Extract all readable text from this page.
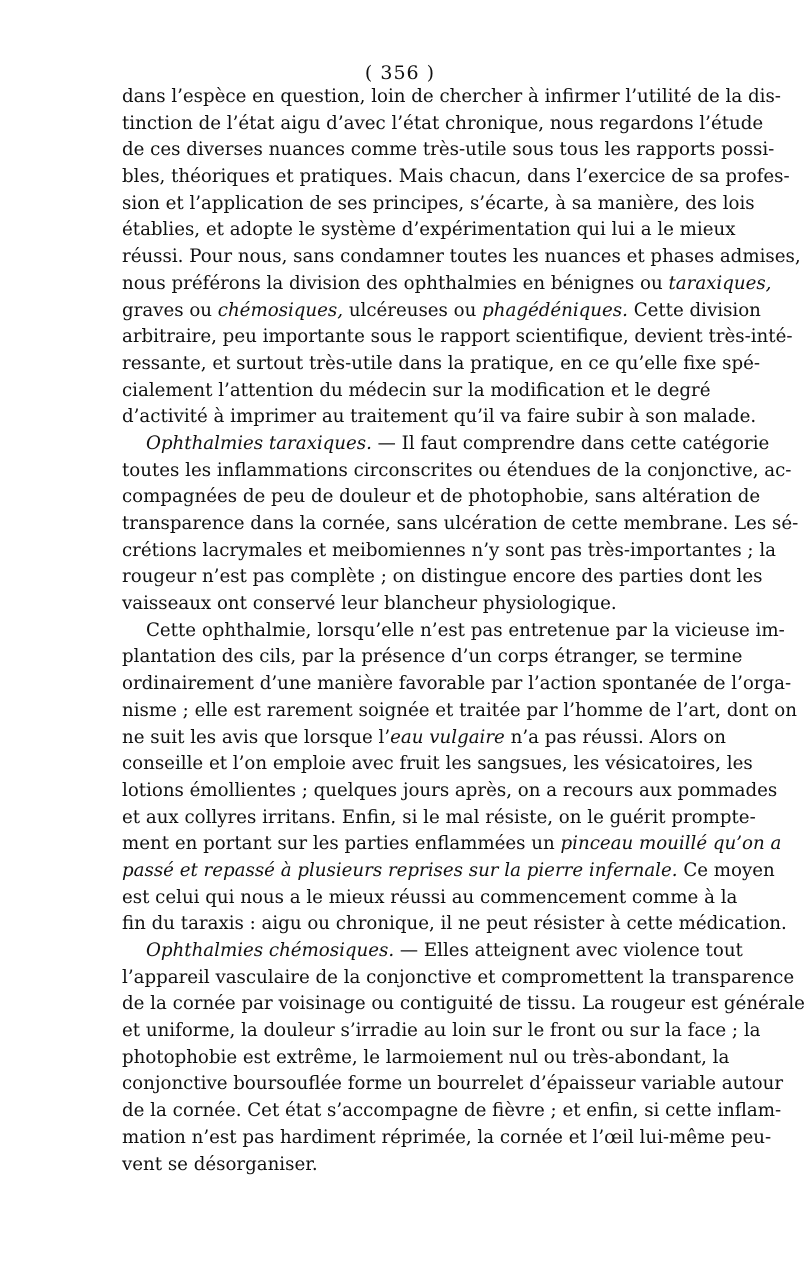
( 356 )
dans l’espèce en question, loin de chercher à infirmer l’utilité de la dis-
tinction de l’état aigu d’avec l’état chronique, nous regardons l’étude
de ces diverses nuances comme très-utile sous tous les rapports possi-
bles, théoriques et pratiques. Mais chacun, dans l’exercice de sa profes-
sion et l’application de ses principes, s’écarte, à sa manière, des lois
établies, et adopte le système d’expérimentation qui lui a le mieux
réussi. Pour nous, sans condamner toutes les nuances et phases admises,
nous préférons la division des ophthalmies en bénignes ou taraxiques,
graves ou chémosiques, ulcéreuses ou phagédéniques. Cette division
arbitraire, peu importante sous le rapport scientifique, devient très-inté-
ressante, et surtout très-utile dans la pratique, en ce qu’elle fixe spé-
cialement l’attention du médecin sur la modification et le degré
d’activité à imprimer au traitement qu’il va faire subir à son malade.
Ophthalmies taraxiques. — Il faut comprendre dans cette catégorie
toutes les inflammations circonscrites ou étendues de la conjonctive, ac-
compagnées de peu de douleur et de photophobie, sans altération de
transparence dans la cornée, sans ulcération de cette membrane. Les sé-
crétions lacrymales et meibomiennes n’y sont pas très-importantes ; la
rougeur n’est pas complète ; on distingue encore des parties dont les
vaisseaux ont conservé leur blancheur physiologique.
Cette ophthalmie, lorsqu’elle n’est pas entretenue par la vicieuse im-
plantation des cils, par la présence d’un corps étranger, se termine
ordinairement d’une manière favorable par l’action spontanée de l’orga-
nisme ; elle est rarement soignée et traitée par l’homme de l’art, dont on
ne suit les avis que lorsque l’eau vulgaire n’a pas réussi. Alors on
conseille et l’on emploie avec fruit les sangsues, les vésicatoires, les
lotions émollientes ; quelques jours après, on a recours aux pommades
et aux collyres irritans. Enfin, si le mal résiste, on le guérit prompte-
ment en portant sur les parties enflammées un pinceau mouillé qu’on a
passé et repassé à plusieurs reprises sur la pierre infernale. Ce moyen
est celui qui nous a le mieux réussi au commencement comme à la
fin du taraxis : aigu ou chronique, il ne peut résister à cette médication.
Ophthalmies chémosiques. — Elles atteignent avec violence tout
l’appareil vasculaire de la conjonctive et compromettent la transparence
de la cornée par voisinage ou contiguité de tissu. La rougeur est générale
et uniforme, la douleur s’irradie au loin sur le front ou sur la face ; la
photophobie est extrême, le larmoiement nul ou très-abondant, la
conjonctive boursouflée forme un bourrelet d’épaisseur variable autour
de la cornée. Cet état s’accompagne de fièvre ; et enfin, si cette inflam-
mation n’est pas hardiment réprimée, la cornée et l’œil lui-même peu-
vent se désorganiser.
